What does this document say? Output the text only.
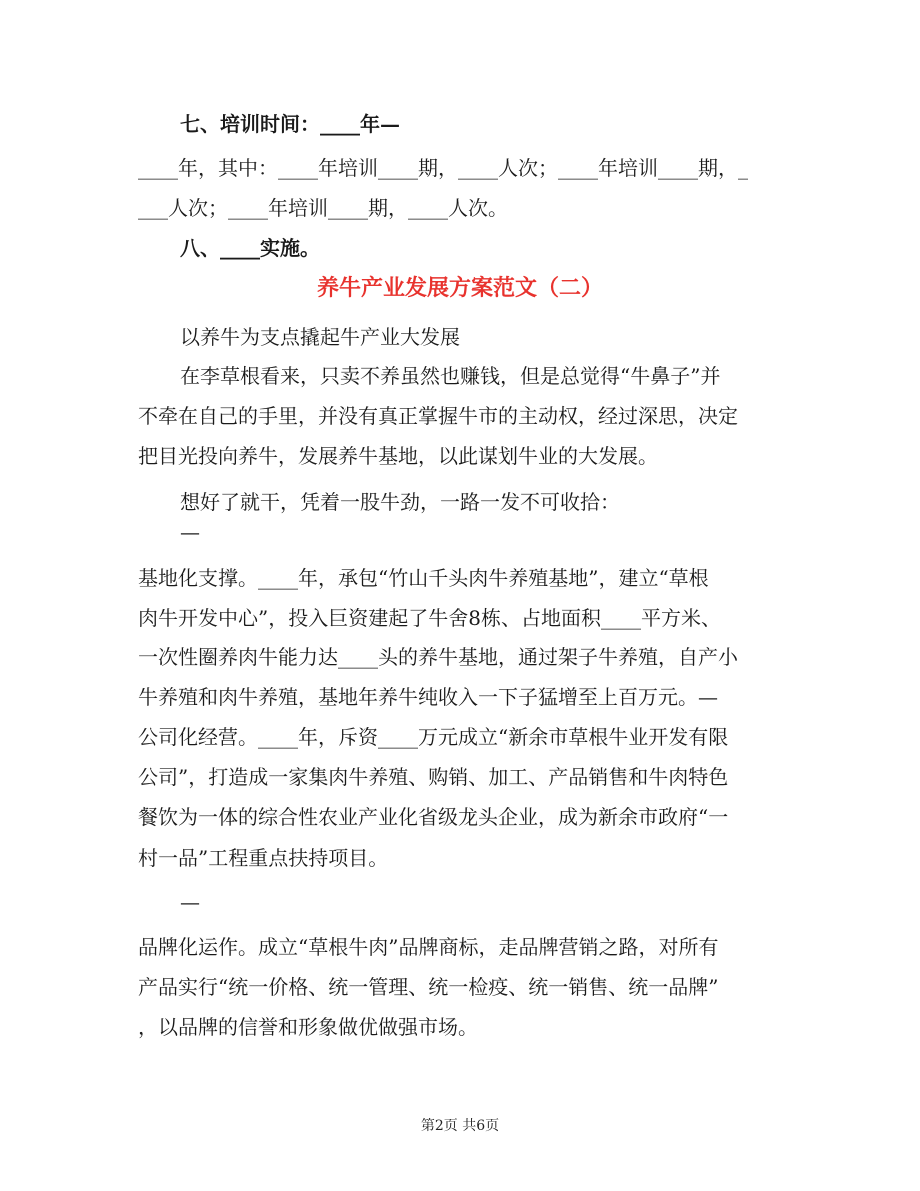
七、培训时间：____年—
____年，其中：____年培训____期，____人次；____年培训____期，_
___人次；____年培训____期，____人次。
八、____实施。
养牛产业发展方案范文（二）
以养牛为支点撬起牛产业大发展
在李草根看来，只卖不养虽然也赚钱，但是总觉得“牛鼻子”并
不牵在自己的手里，并没有真正掌握牛市的主动权，经过深思，决定
把目光投向养牛，发展养牛基地，以此谋划牛业的大发展。
想好了就干，凭着一股牛劲，一路一发不可收拾：
—
基地化支撑。____年，承包“竹山千头肉牛养殖基地”，建立“草根
肉牛开发中心”，投入巨资建起了牛舍8栋、占地面积____平方米、
一次性圈养肉牛能力达____头的养牛基地，通过架子牛养殖，自产小
牛养殖和肉牛养殖，基地年养牛纯收入一下子猛增至上百万元。—
公司化经营。____年，斥资____万元成立“新余市草根牛业开发有限
公司”，打造成一家集肉牛养殖、购销、加工、产品销售和牛肉特色
餐饮为一体的综合性农业产业化省级龙头企业，成为新余市政府“一
村一品”工程重点扶持项目。
—
品牌化运作。成立“草根牛肉”品牌商标，走品牌营销之路，对所有
产品实行“统一价格、统一管理、统一检疫、统一销售、统一品牌”
，以品牌的信誉和形象做优做强市场。
第2页 共6页
